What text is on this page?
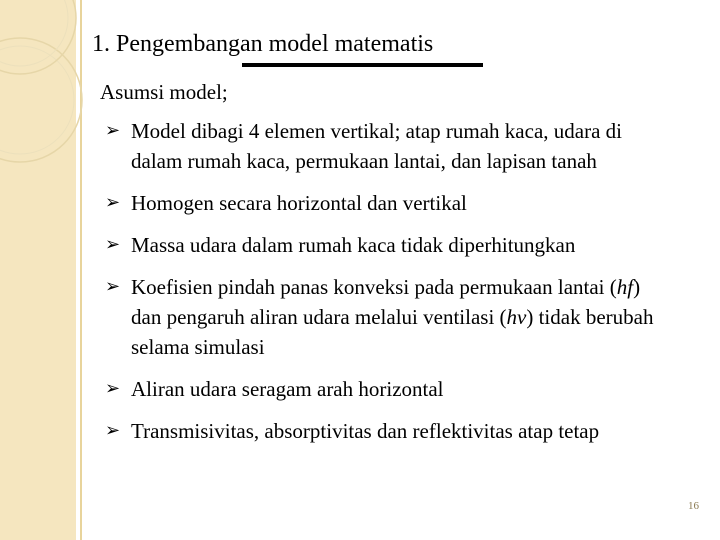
1. Pengembangan model matematis
Asumsi model;
➢ Model dibagi 4 elemen vertikal; atap rumah kaca, udara di dalam rumah kaca, permukaan lantai, dan lapisan tanah
➢ Homogen secara horizontal dan vertikal
➢ Massa udara dalam rumah kaca tidak diperhitungkan
➢ Koefisien pindah panas konveksi pada permukaan lantai (hf) dan pengaruh aliran udara melalui ventilasi (hv) tidak berubah selama simulasi
➢ Aliran udara seragam arah horizontal
➢ Transmisivitas, absorptivitas dan reflektivitas atap tetap
16
